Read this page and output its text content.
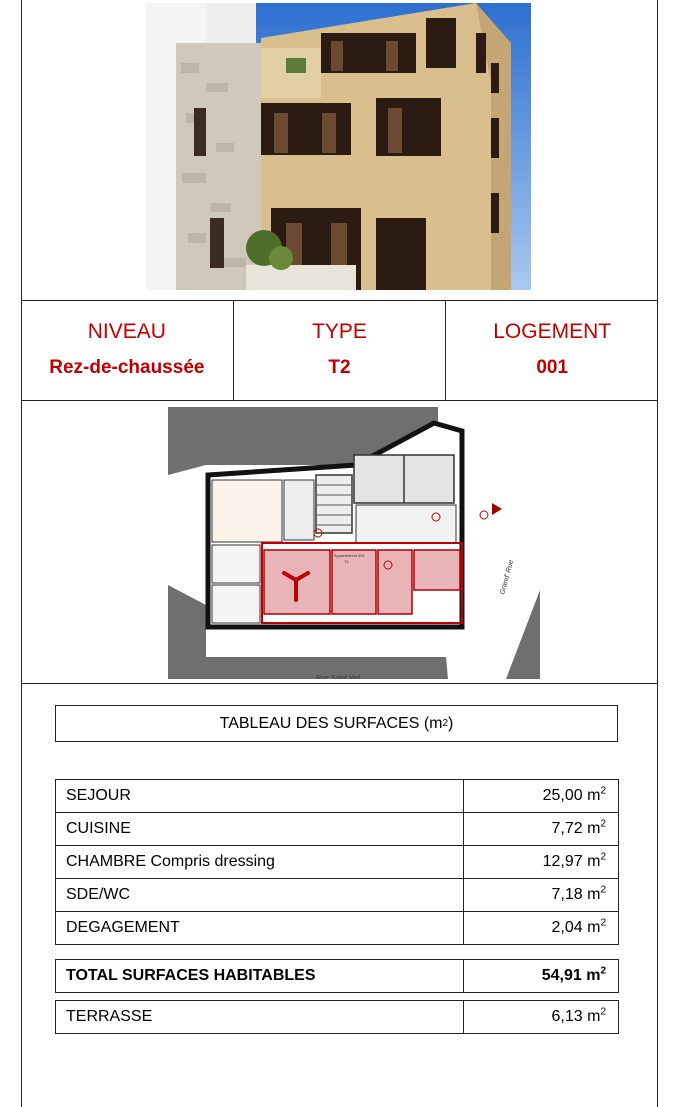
NIVEAU
Rez-de-chaussée
TYPE
T2
LOGEMENT
001
Rue Saint Viel
Grand' Rue
Appartement 001
T2
TABLEAU DES SURFACES (m 2 )
SEJOUR	25,00 $m^2$
CUISINE	7,72 $m^2$
CHAMBRE Compris dressing	12,97 $m^2$
SDE/WC	7,18 $m^2$
DEGAGEMENT	2,04 $m^2$
TOTAL SURFACES HABITABLES	54,91 $m^2$
TERRASSE	6,13 $m^2$
